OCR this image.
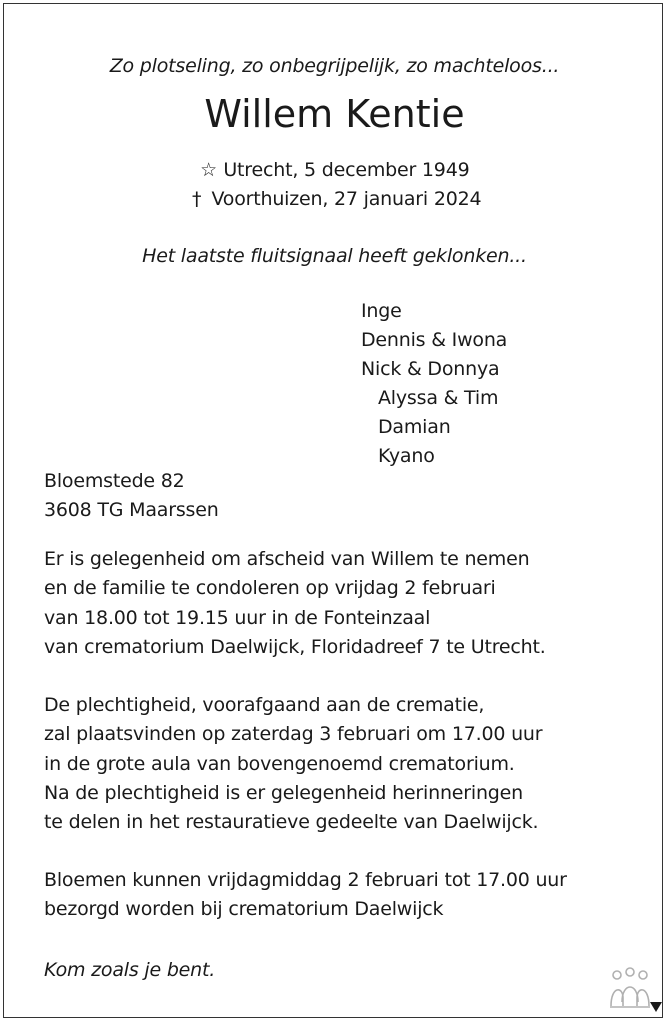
Zo plotseling, zo onbegrijpelijk, zo machteloos...
Willem Kentie
☆ Utrecht, 5 december 1949
† Voorthuizen, 27 januari 2024
Het laatste fluitsignaal heeft geklonken...
Inge
Dennis & Iwona
Nick & Donnya
Alyssa & Tim
Damian
Kyano
Bloemstede 82
3608 TG Maarssen
Er is gelegenheid om afscheid van Willem te nemen
en de familie te condoleren op vrijdag 2 februari
van 18.00 tot 19.15 uur in de Fonteinzaal
van crematorium Daelwijck, Floridadreef 7 te Utrecht.
De plechtigheid, voorafgaand aan de crematie,
zal plaatsvinden op zaterdag 3 februari om 17.00 uur
in de grote aula van bovengenoemd crematorium.
Na de plechtigheid is er gelegenheid herinneringen
te delen in het restauratieve gedeelte van Daelwijck.
Bloemen kunnen vrijdagmiddag 2 februari tot 17.00 uur
bezorgd worden bij crematorium Daelwijck
Kom zoals je bent.
